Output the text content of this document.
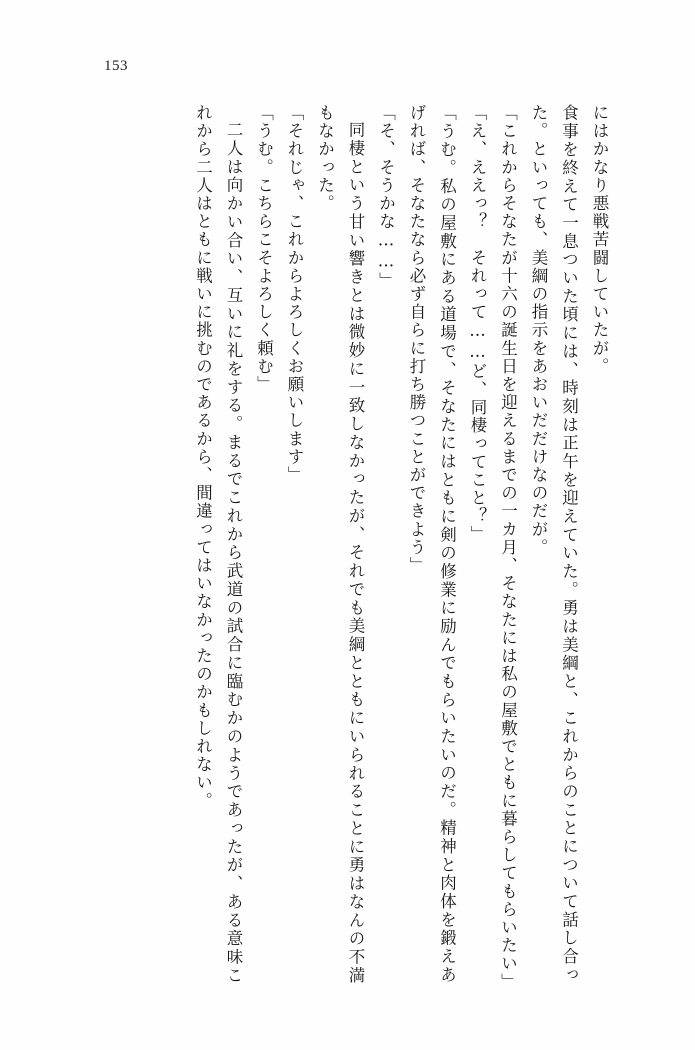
153

にはかなり悪戦苦闘していたが。

食事を終えて一息ついた頃には、時刻は正午を迎えていた。勇は美綱と、これからのことについて話し合った。といっても、美綱の指示をあおいだだけなのだが。

「これからそなたが十六の誕生日を迎えるまでの一カ月、そなたには私の屋敷でともに暮らしてもらいたい」

「え、ええっ？　それって……ど、同棲ってこと？」

「うむ。私の屋敷にある道場で、そなたにはともに剣の修業に励んでもらいたいのだ。精神と肉体を鍛えあげれば、そなたなら必ず自らに打ち勝つことができよう」

「そ、そうかな……」

同棲という甘い響きとは微妙に一致しなかったが、それでも美綱とともにいられることに勇はなんの不満もなかった。

「それじゃ、これからよろしくお願いします」

「うむ。こちらこそよろしく頼む」

二人は向かい合い、互いに礼をする。まるでこれから武道の試合に臨むかのようであったが、ある意味これから二人はともに戦いに挑むのであるから、間違ってはいなかったのかもしれない。
